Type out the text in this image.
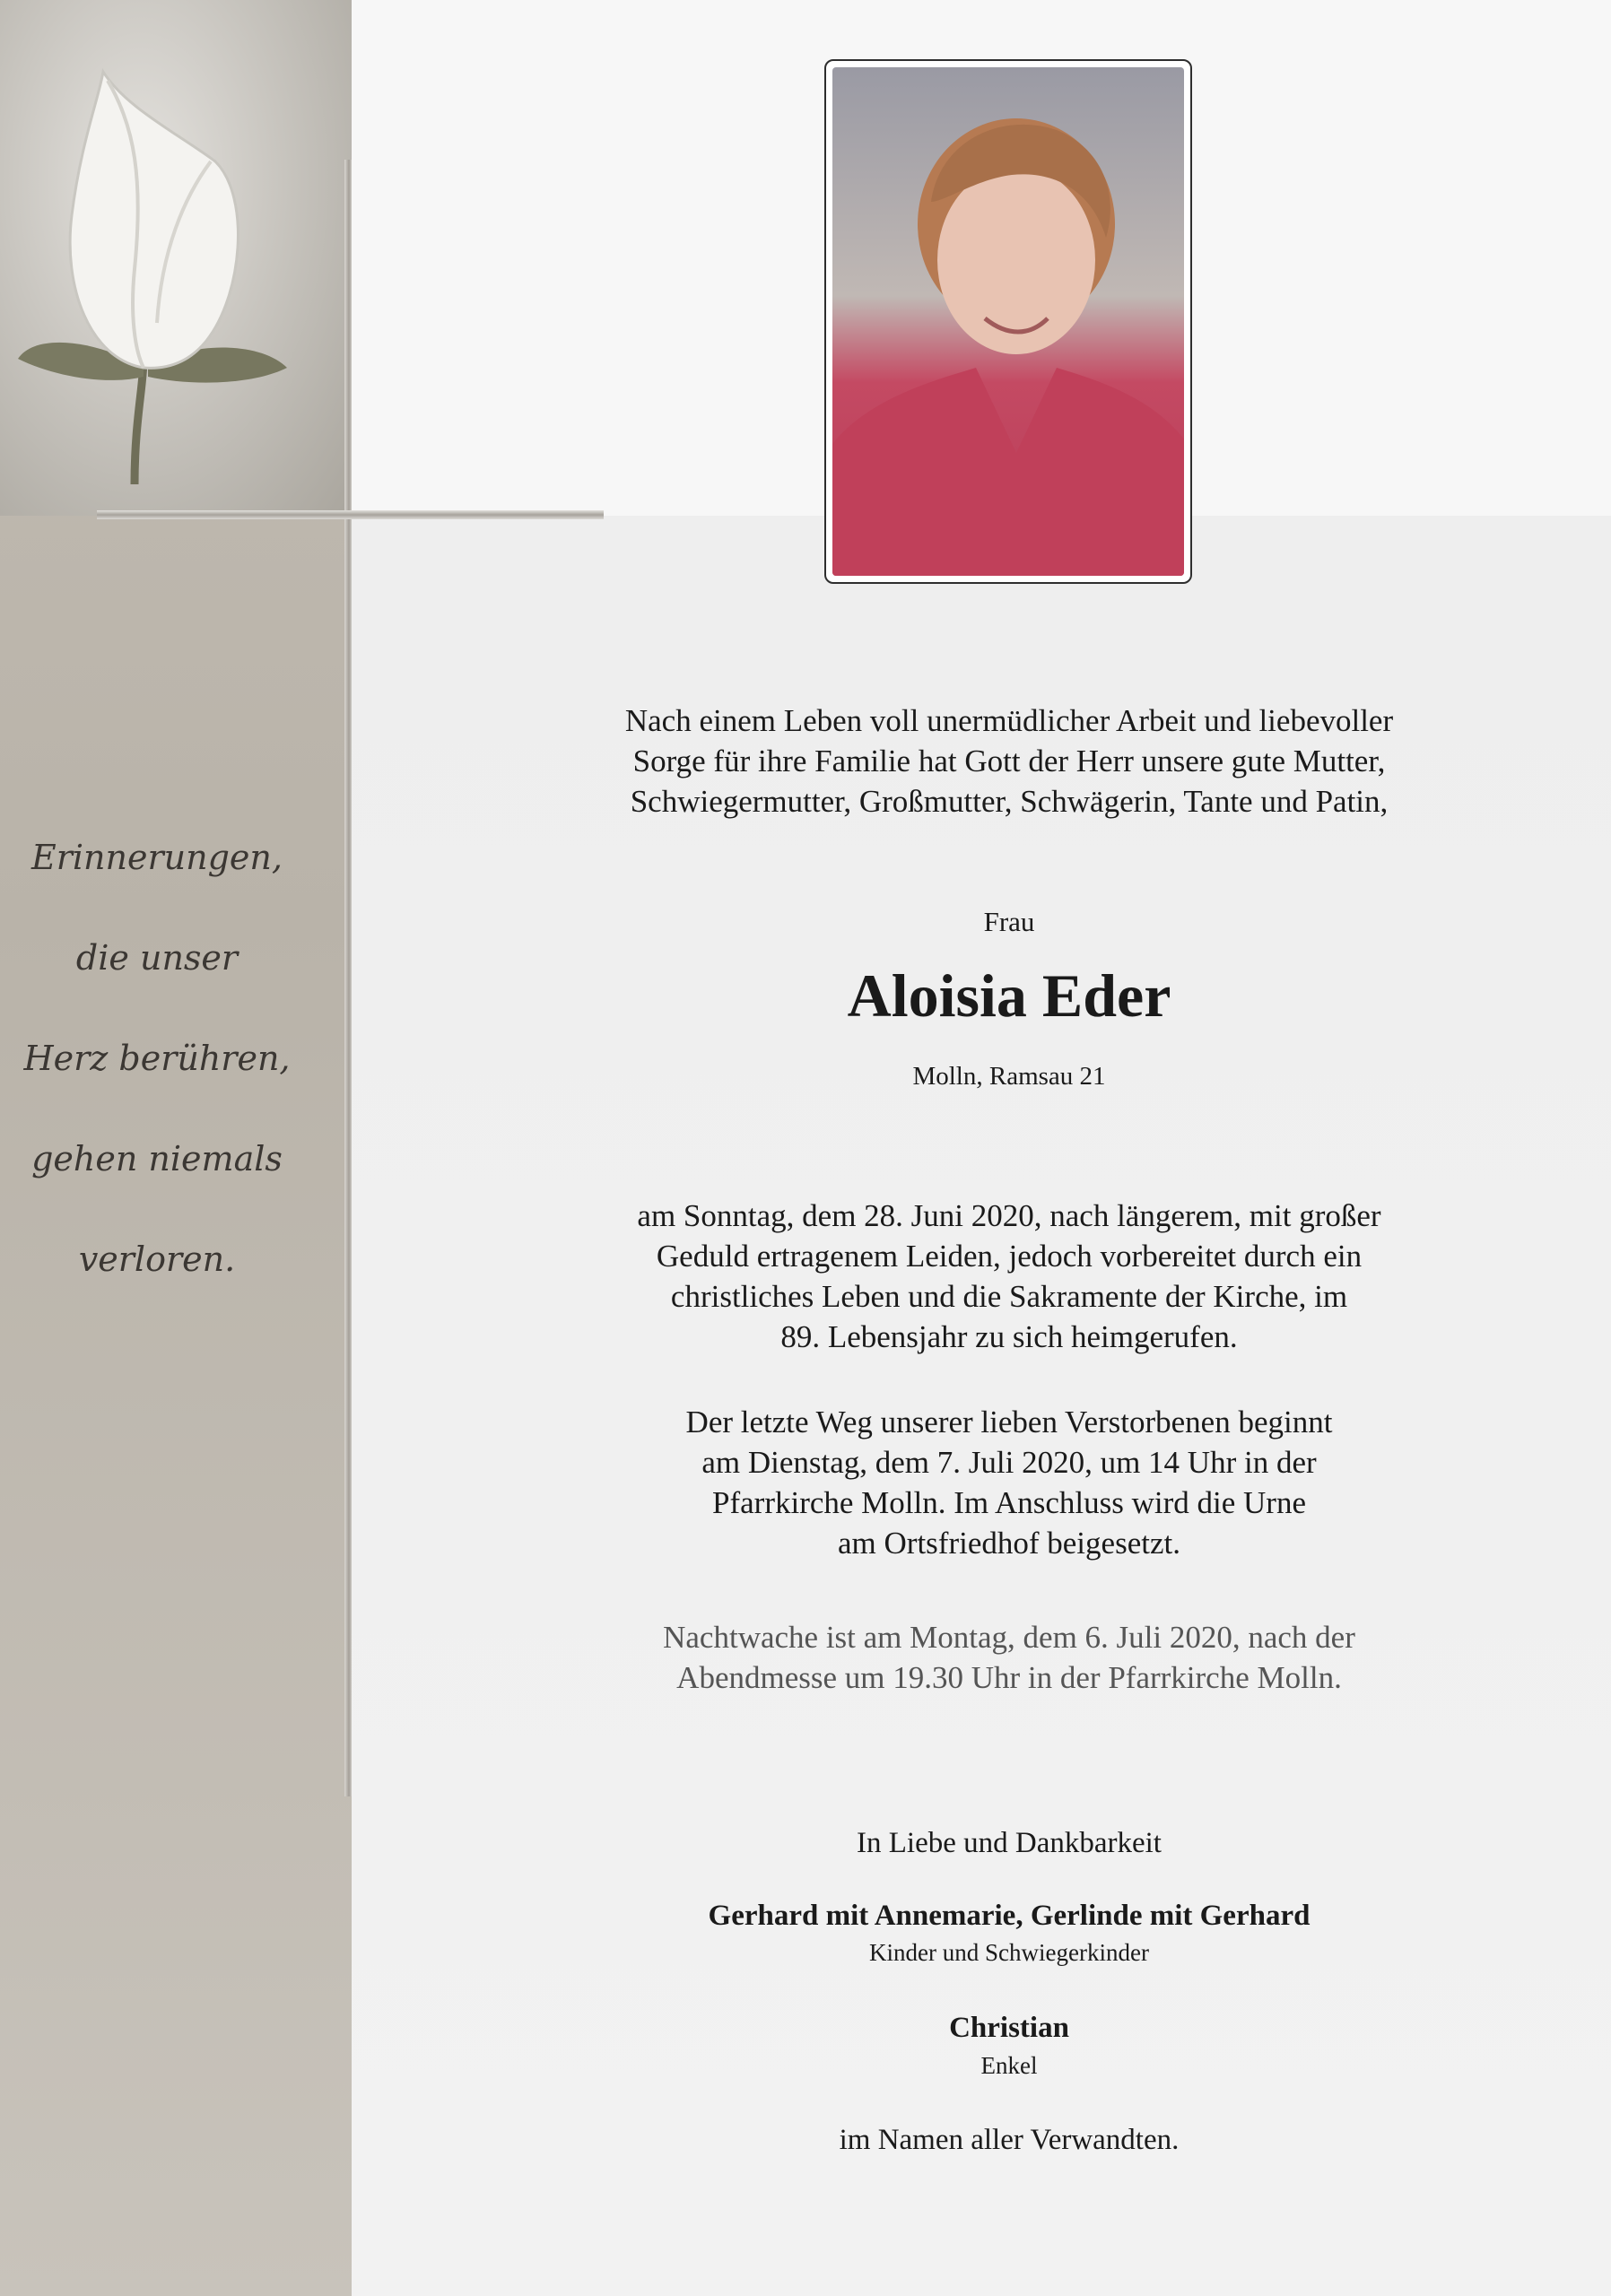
Erinnerungen,
die unser
Herz berühren,
gehen niemals
verloren.
Nach einem Leben voll unermüdlicher Arbeit und liebevoller
Sorge für ihre Familie hat Gott der Herr unsere gute Mutter,
Schwiegermutter, Großmutter, Schwägerin, Tante und Patin,
Frau
Aloisia Eder
Molln, Ramsau 21
am Sonntag, dem 28. Juni 2020, nach längerem, mit großer
Geduld ertragenem Leiden, jedoch vorbereitet durch ein
christliches Leben und die Sakramente der Kirche, im
89. Lebensjahr zu sich heimgerufen.
Der letzte Weg unserer lieben Verstorbenen beginnt
am Dienstag, dem 7. Juli 2020, um 14 Uhr in der
Pfarrkirche Molln. Im Anschluss wird die Urne
am Ortsfriedhof beigesetzt.
Nachtwache ist am Montag, dem 6. Juli 2020, nach der
Abendmesse um 19.30 Uhr in der Pfarrkirche Molln.
In Liebe und Dankbarkeit
Gerhard mit Annemarie, Gerlinde mit Gerhard
Kinder und Schwiegerkinder
Christian
Enkel
im Namen aller Verwandten.
